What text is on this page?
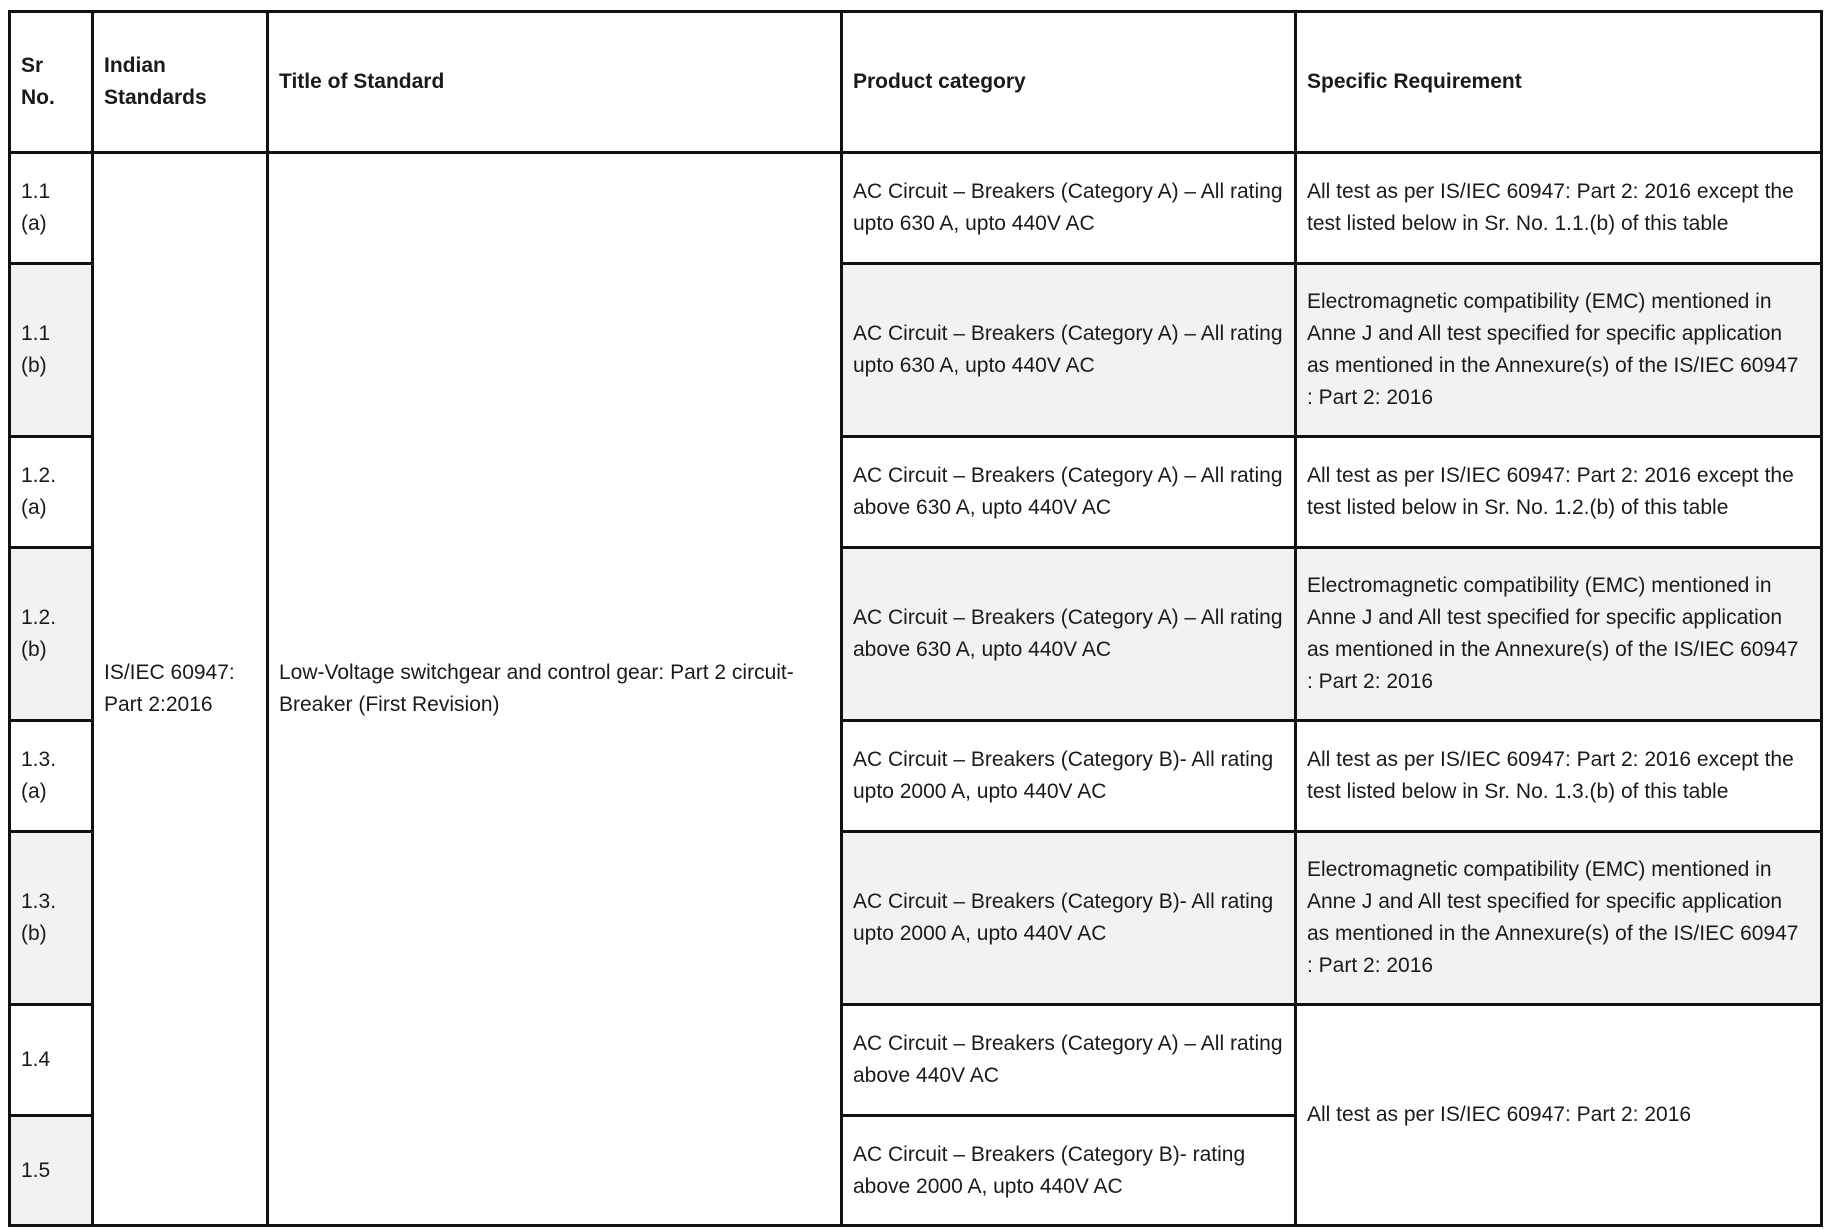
Sr No.	Indian Standards	Title of Standard	Product category	Specific Requirement
1.1 (a)	IS/IEC 60947: Part 2:2016	Low-Voltage switchgear and control gear: Part 2 circuit-Breaker (First Revision)	AC Circuit – Breakers (Category A) – All rating upto 630 A, upto 440V AC	All test as per IS/IEC 60947: Part 2: 2016 except the test listed below in Sr. No. 1.1.(b) of this table
1.1 (b)			AC Circuit – Breakers (Category A) – All rating upto 630 A, upto 440V AC	Electromagnetic compatibility (EMC) mentioned in Anne J and All test specified for specific application as mentioned in the Annexure(s) of the IS/IEC 60947 : Part 2: 2016
1.2.(a)			AC Circuit – Breakers (Category A) – All rating above 630 A, upto 440V AC	All test as per IS/IEC 60947: Part 2: 2016 except the test listed below in Sr. No. 1.2.(b) of this table
1.2.(b)			AC Circuit – Breakers (Category A) – All rating above 630 A, upto 440V AC	Electromagnetic compatibility (EMC) mentioned in Anne J and All test specified for specific application as mentioned in the Annexure(s) of the IS/IEC 60947 : Part 2: 2016
1.3.(a)			AC Circuit – Breakers (Category B)- All rating upto 2000 A, upto 440V AC	All test as per IS/IEC 60947: Part 2: 2016 except the test listed below in Sr. No. 1.3.(b) of this table
1.3.(b)			AC Circuit – Breakers (Category B)- All rating upto 2000 A, upto 440V AC	Electromagnetic compatibility (EMC) mentioned in Anne J and All test specified for specific application as mentioned in the Annexure(s) of the IS/IEC 60947 : Part 2: 2016
1.4			AC Circuit – Breakers (Category A) – All rating above 440V AC	All test as per IS/IEC 60947: Part 2: 2016
1.5			AC Circuit – Breakers (Category B)- rating above 2000 A, upto 440V AC	
